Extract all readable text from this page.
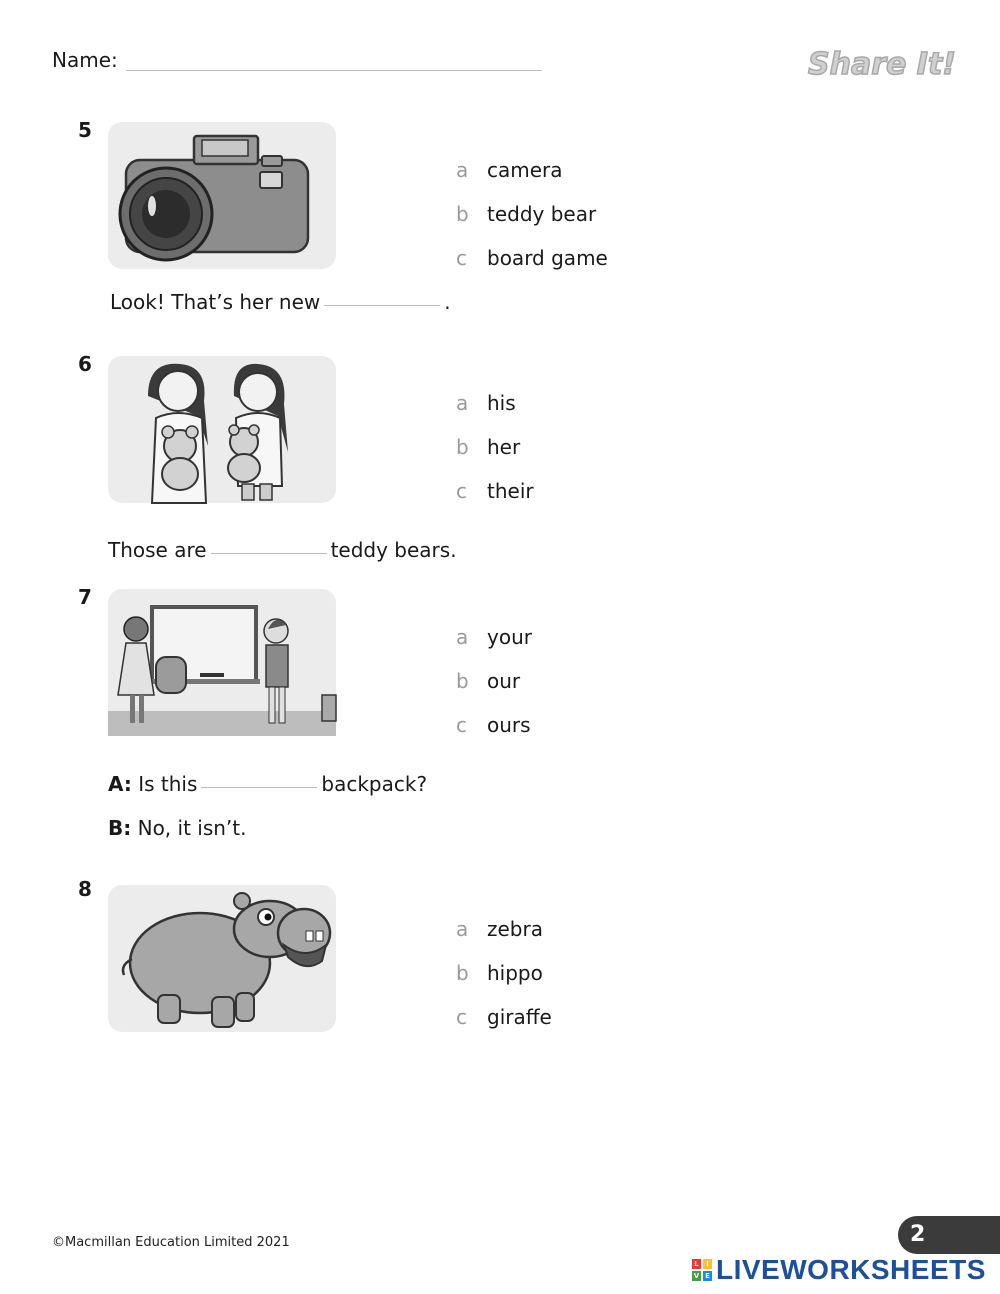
Name:	Share It!
5
a camera
b teddy bear
c	board game
Look! That’s her new	.
6
a his
b her
c	their
Those are	teddy bears.
7
a your
b our
c	ours
A: Is this	backpack?
B: No, it isn’t.
8
a zebra
b hippo
c	giraffe
©Macmillan Education Limited 2021	2
L	I
V E LIVEWORKSHEETS
